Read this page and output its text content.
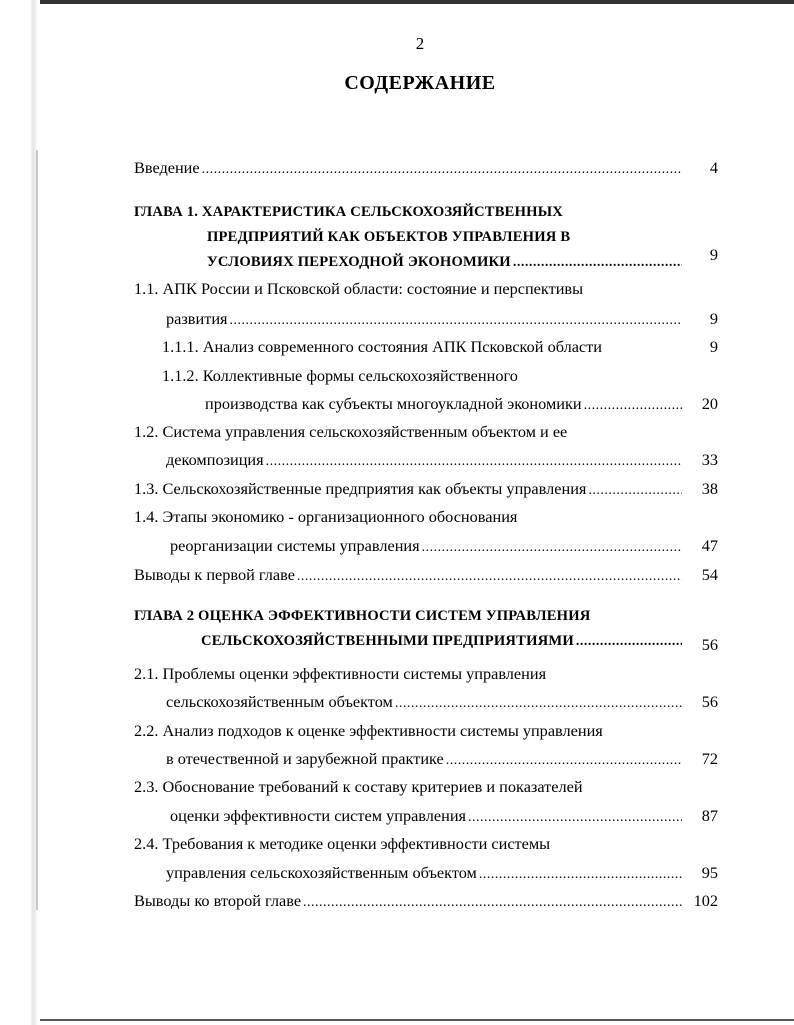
2
СОДЕРЖАНИЕ
Введение .....	4
ГЛАВА 1. ХАРАКТЕРИСТИКА СЕЛЬСКОХОЗЯЙСТВЕННЫХ
ПРЕДПРИЯТИЙ КАК ОБЪЕКТОВ УПРАВЛЕНИЯ В
УСЛОВИЯХ ПЕРЕХОДНОЙ ЭКОНОМИКИ .....	9
1.1. АПК России и Псковской области: состояние и перспективы
развития .....	9
1.1.1. Анализ современного состояния АПК Псковской области	9
1.1.2. Коллективные формы сельскохозяйственного
производства как субъекты многоукладной экономики .....	20
1.2. Система управления сельскохозяйственным объектом и ее
декомпозиция .....	33
1.3. Сельскохозяйственные предприятия как объекты управления .....	38
1.4. Этапы экономико - организационного обоснования
реорганизации системы управления .....	47
Выводы к первой главе .....	54
ГЛАВА 2 ОЦЕНКА ЭФФЕКТИВНОСТИ СИСТЕМ УПРАВЛЕНИЯ
СЕЛЬСКОХОЗЯЙСТВЕННЫМИ ПРЕДПРИЯТИЯМИ .....	56
2.1. Проблемы оценки эффективности системы управления
сельскохозяйственным объектом .....	56
2.2. Анализ подходов к оценке эффективности системы управления
в отечественной и зарубежной практике .....	72
2.3. Обоснование требований к составу критериев и показателей
оценки эффективности систем управления .....	87
2.4. Требования к методике оценки эффективности системы
управления сельскохозяйственным объектом .....	95
Выводы ко второй главе .....	102
